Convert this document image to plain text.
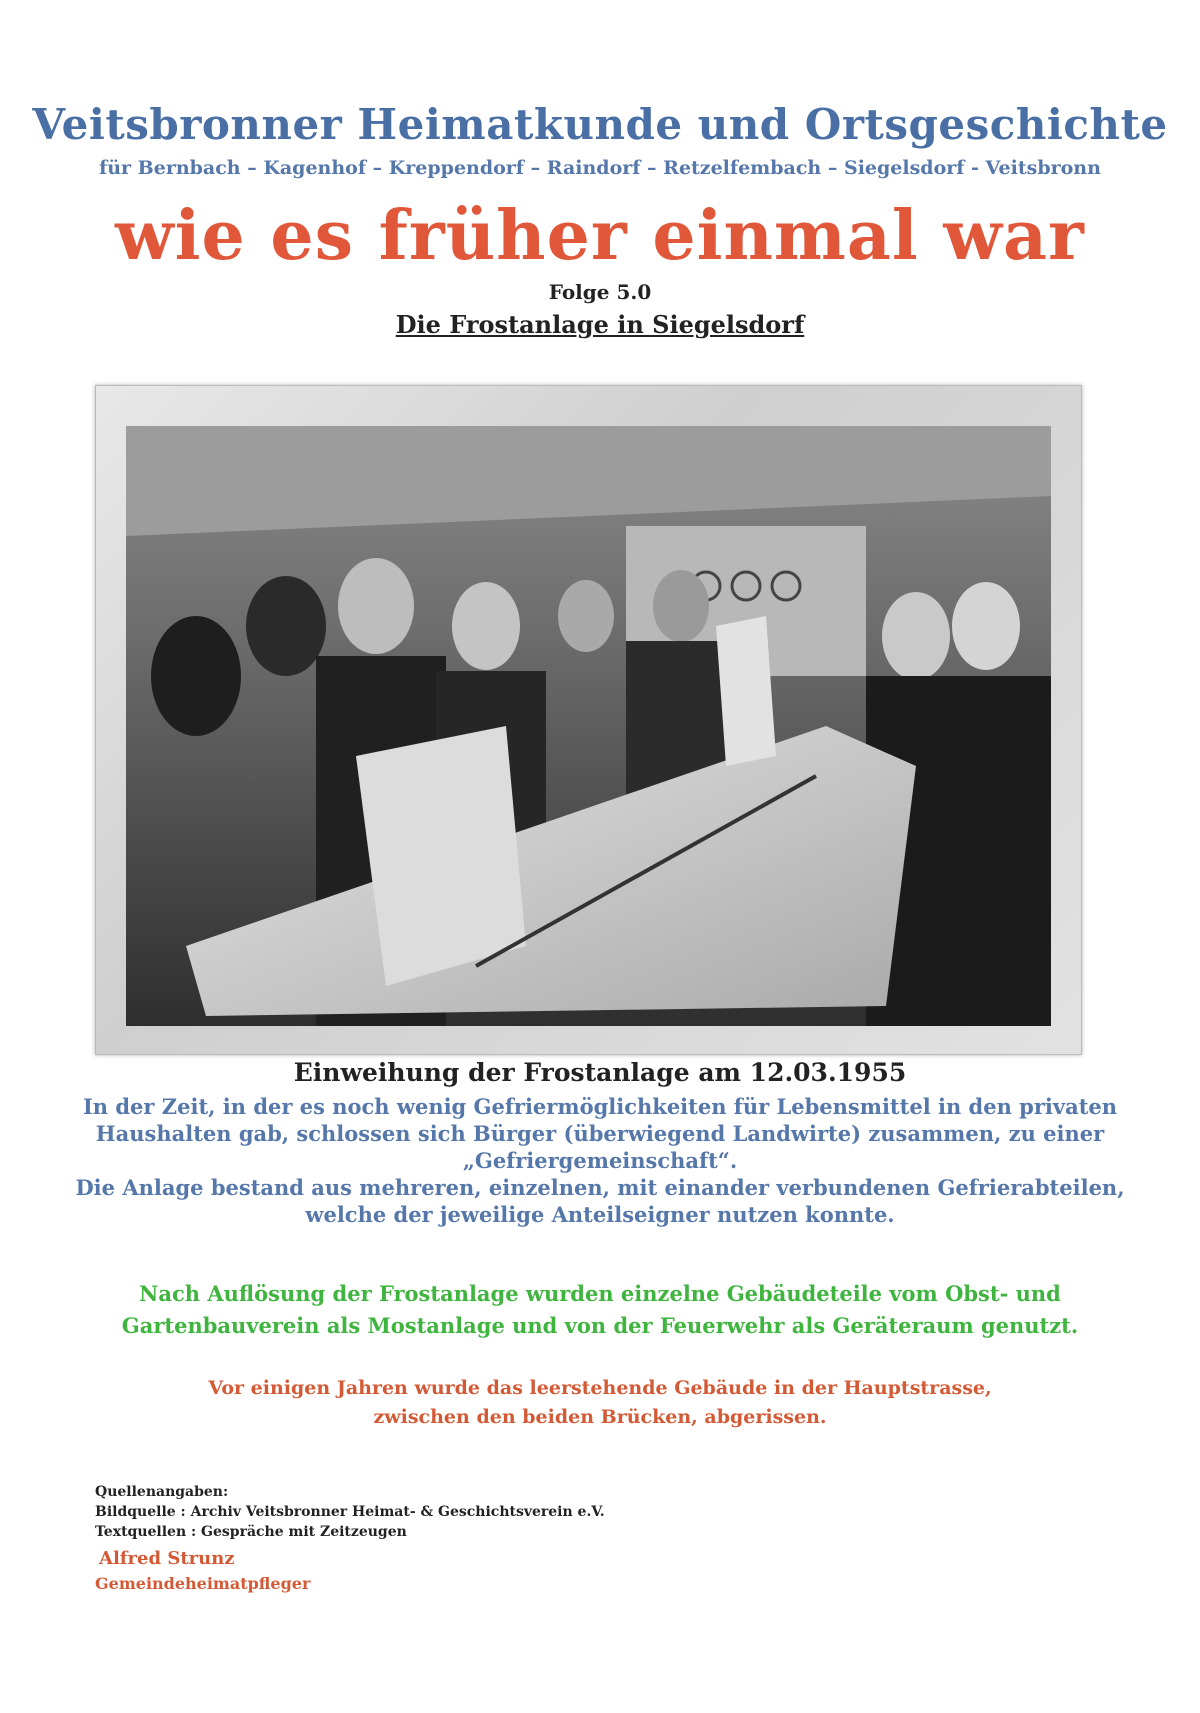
Veitsbronner Heimatkunde und Ortsgeschichte
für Bernbach – Kagenhof – Kreppendorf – Raindorf – Retzelfembach – Siegelsdorf - Veitsbronn
wie es früher einmal war
Folge 5.0
Die Frostanlage in Siegelsdorf
Einweihung der Frostanlage am 12.03.1955
In der Zeit, in der es noch wenig Gefriermöglichkeiten für Lebensmittel in den privaten
Haushalten gab, schlossen sich Bürger (überwiegend Landwirte) zusammen, zu einer
„Gefriergemeinschaft“.
Die Anlage bestand aus mehreren, einzelnen, mit einander verbundenen Gefrierabteilen,
welche der jeweilige Anteilseigner nutzen konnte.
Nach Auflösung der Frostanlage wurden einzelne Gebäudeteile vom Obst- und
Gartenbauverein als Mostanlage und von der Feuerwehr als Geräteraum genutzt.
Vor einigen Jahren wurde das leerstehende Gebäude in der Hauptstrasse,
zwischen den beiden Brücken, abgerissen.
Quellenangaben:
Bildquelle : Archiv Veitsbronner Heimat- & Geschichtsverein e.V.
Textquellen : Gespräche mit Zeitzeugen
Alfred Strunz
Gemeindeheimatpfleger
